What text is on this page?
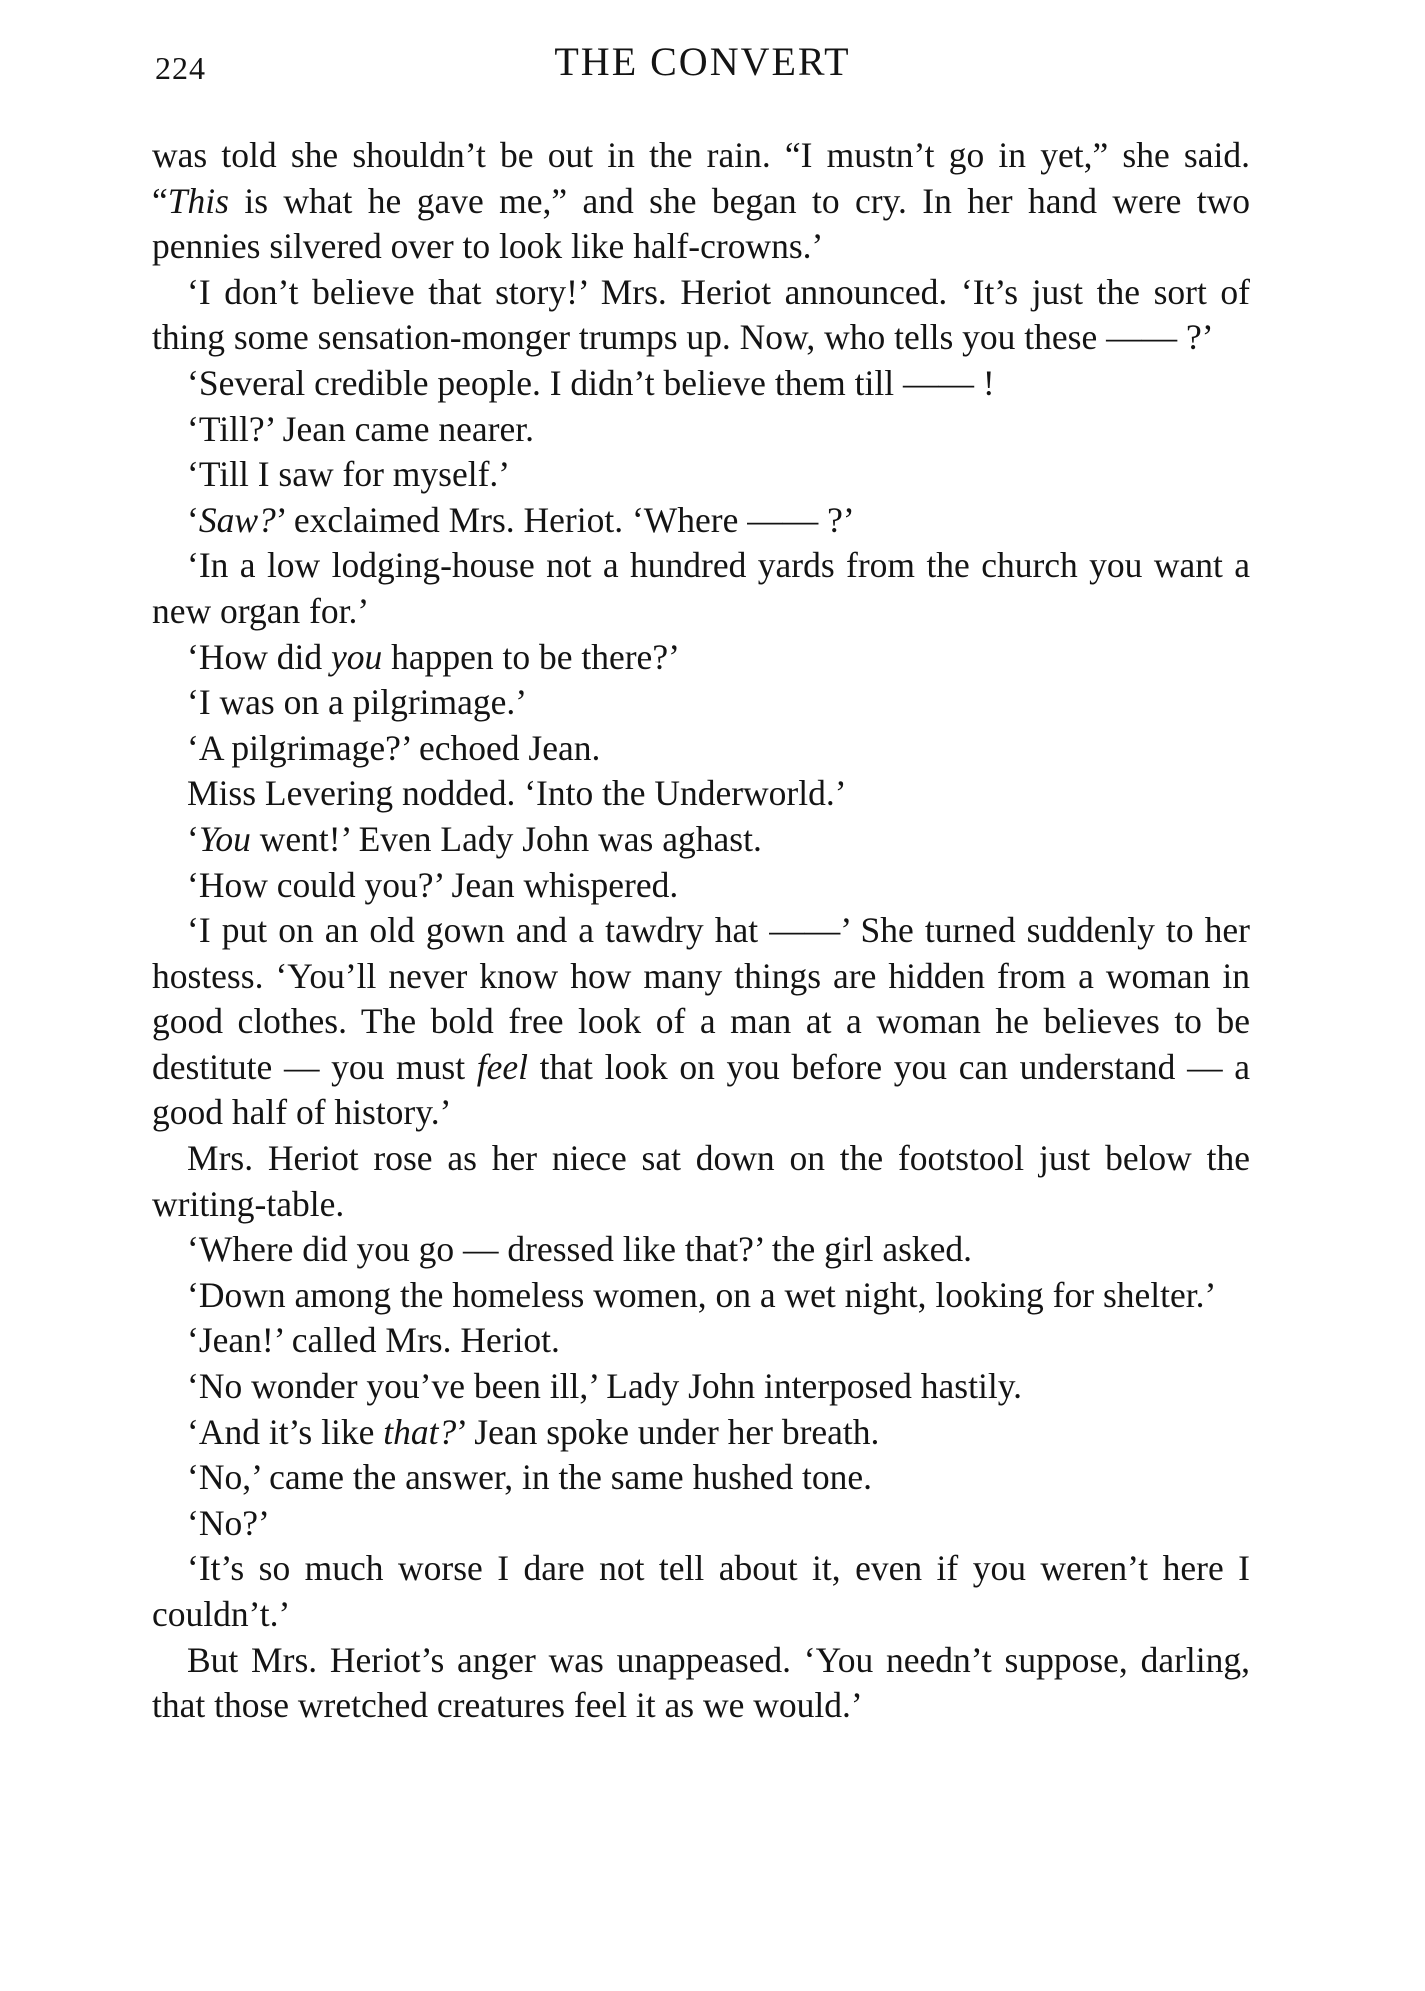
224	THE CONVERT

was told she shouldn’t be out in the rain. “I mustn’t go in yet,” she said. “This is what he gave me,” and she began to cry. In her hand were two pennies silvered over to look like half-crowns.’

‘I don’t believe that story!’ Mrs. Heriot announced. ‘It’s just the sort of thing some sensation-monger trumps up. Now, who tells you these —— ?’

‘Several credible people. I didn’t believe them till —— !

‘Till?’ Jean came nearer.

‘Till I saw for myself.’

‘Saw?’ exclaimed Mrs. Heriot. ‘Where —— ?’

‘In a low lodging-house not a hundred yards from the church you want a new organ for.’

‘How did you happen to be there?’

‘I was on a pilgrimage.’

‘A pilgrimage?’ echoed Jean.

Miss Levering nodded. ‘Into the Underworld.’

‘You went!’ Even Lady John was aghast.

‘How could you?’ Jean whispered.

‘I put on an old gown and a tawdry hat ——’ She turned suddenly to her hostess. ‘You’ll never know how many things are hidden from a woman in good clothes. The bold free look of a man at a woman he believes to be destitute — you must feel that look on you before you can understand — a good half of history.’

Mrs. Heriot rose as her niece sat down on the footstool just below the writing-table.

‘Where did you go — dressed like that?’ the girl asked.

‘Down among the homeless women, on a wet night, looking for shelter.’

‘Jean!’ called Mrs. Heriot.

‘No wonder you’ve been ill,’ Lady John interposed hastily.

‘And it’s like that?’ Jean spoke under her breath.

‘No,’ came the answer, in the same hushed tone.

‘No?’

‘It’s so much worse I dare not tell about it, even if you weren’t here I couldn’t.’

But Mrs. Heriot’s anger was unappeased. ‘You needn’t suppose, darling, that those wretched creatures feel it as we would.’
